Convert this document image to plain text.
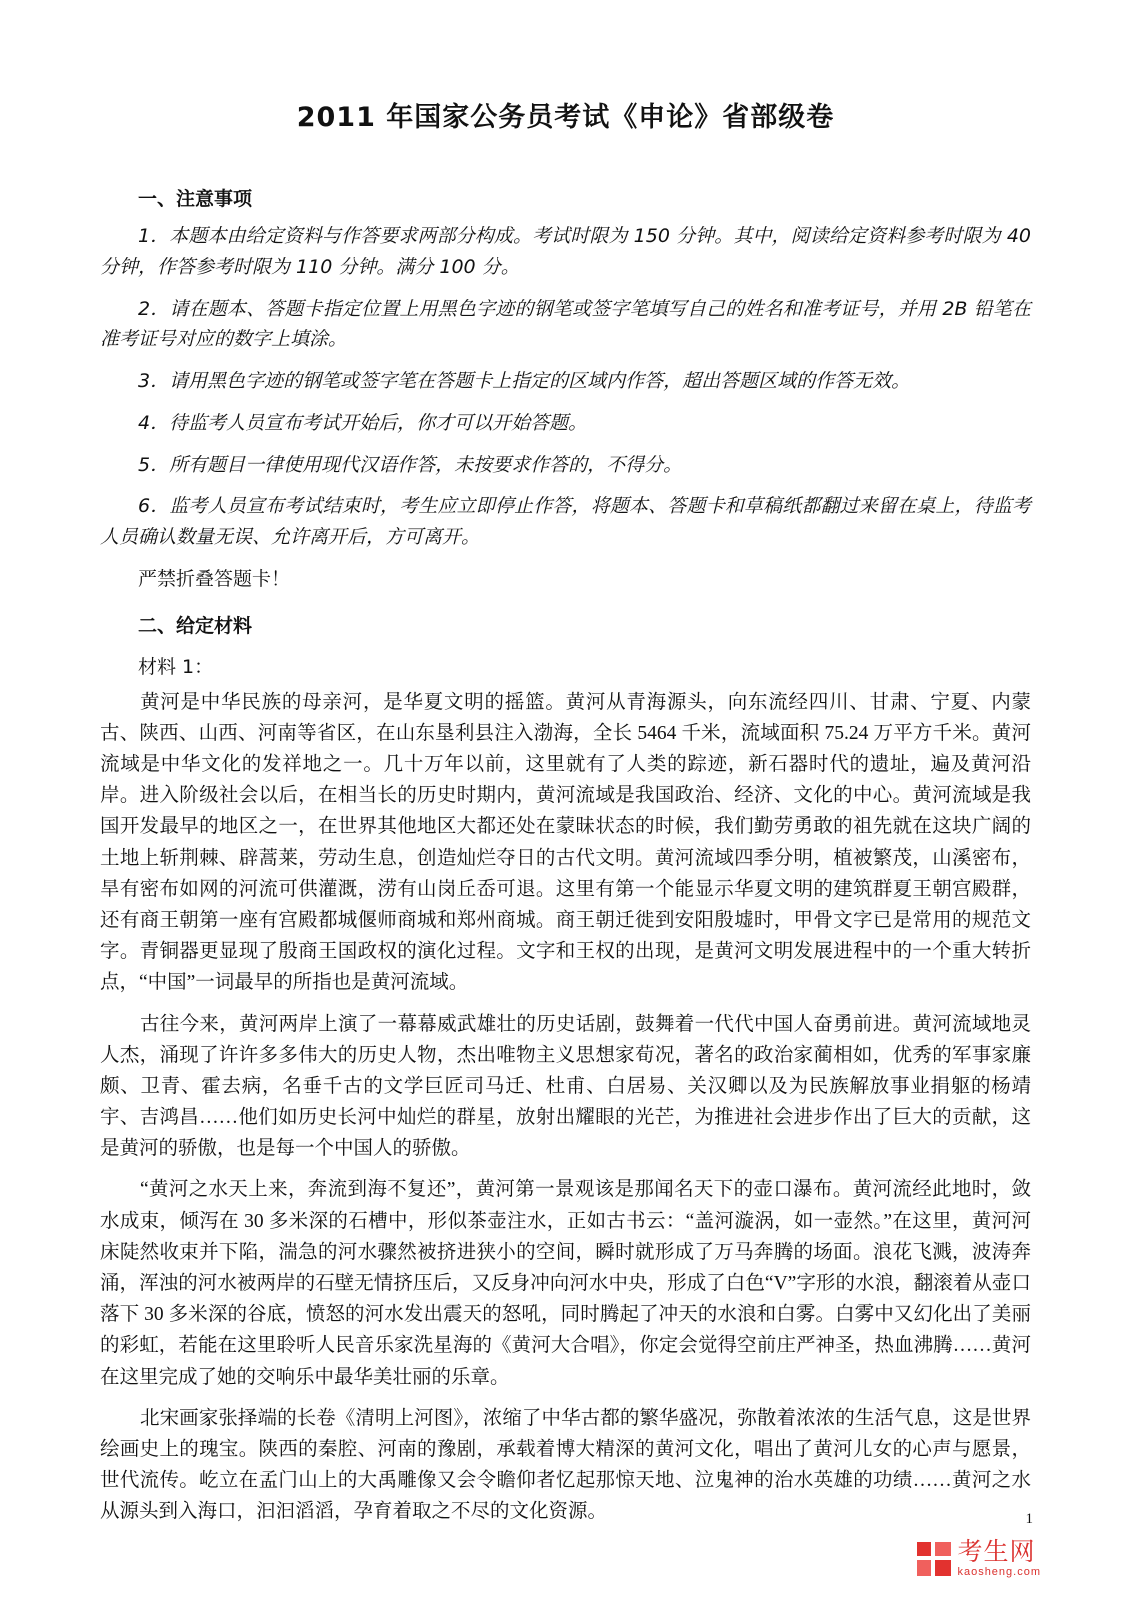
2011 年国家公务员考试《申论》省部级卷
一、注意事项

1．本题本由给定资料与作答要求两部分构成。考试时限为 150 分钟。其中，阅读给定资料参考时限为 40 分钟，作答参考时限为 110 分钟。满分 100 分。

2．请在题本、答题卡指定位置上用黑色字迹的钢笔或签字笔填写自己的姓名和准考证号，并用 2B 铅笔在准考证号对应的数字上填涂。

3．请用黑色字迹的钢笔或签字笔在答题卡上指定的区域内作答，超出答题区域的作答无效。

4．待监考人员宣布考试开始后，你才可以开始答题。

5．所有题目一律使用现代汉语作答，未按要求作答的，不得分。

6．监考人员宣布考试结束时，考生应立即停止作答，将题本、答题卡和草稿纸都翻过来留在桌上，待监考人员确认数量无误、允许离开后，方可离开。

严禁折叠答题卡！

二、给定材料

材料 1：

黄河是中华民族的母亲河，是华夏文明的摇篮。黄河从青海源头，向东流经四川、甘肃、宁夏、内蒙古、陕西、山西、河南等省区，在山东垦利县注入渤海，全长 5464 千米，流域面积 75.24 万平方千米。黄河流域是中华文化的发祥地之一。几十万年以前，这里就有了人类的踪迹，新石器时代的遗址，遍及黄河沿岸。进入阶级社会以后，在相当长的历史时期内，黄河流域是我国政治、经济、文化的中心。黄河流域是我国开发最早的地区之一，在世界其他地区大都还处在蒙昧状态的时候，我们勤劳勇敢的祖先就在这块广阔的土地上斩荆棘、辟蒿莱，劳动生息，创造灿烂夺日的古代文明。黄河流域四季分明，植被繁茂，山溪密布，旱有密布如网的河流可供灌溉，涝有山岗丘岙可退。这里有第一个能显示华夏文明的建筑群夏王朝宫殿群，还有商王朝第一座有宫殿都城偃师商城和郑州商城。商王朝迁徙到安阳殷墟时，甲骨文字已是常用的规范文字。青铜器更显现了殷商王国政权的演化过程。文字和王权的出现，是黄河文明发展进程中的一个重大转折点，“中国”一词最早的所指也是黄河流域。

古往今来，黄河两岸上演了一幕幕威武雄壮的历史话剧，鼓舞着一代代中国人奋勇前进。黄河流域地灵人杰，涌现了许许多多伟大的历史人物，杰出唯物主义思想家荀况，著名的政治家蔺相如，优秀的军事家廉颇、卫青、霍去病，名垂千古的文学巨匠司马迁、杜甫、白居易、关汉卿以及为民族解放事业捐躯的杨靖宇、吉鸿昌……他们如历史长河中灿烂的群星，放射出耀眼的光芒，为推进社会进步作出了巨大的贡献，这是黄河的骄傲，也是每一个中国人的骄傲。

“黄河之水天上来，奔流到海不复还”，黄河第一景观该是那闻名天下的壶口瀑布。黄河流经此地时，敛水成束，倾泻在 30 多米深的石槽中，形似茶壶注水，正如古书云：“盖河漩涡，如一壶然。”在这里，黄河河床陡然收束并下陷，湍急的河水骤然被挤进狭小的空间，瞬时就形成了万马奔腾的场面。浪花飞溅，波涛奔涌，浑浊的河水被两岸的石壁无情挤压后，又反身冲向河水中央，形成了白色“V”字形的水浪，翻滚着从壶口落下 30 多米深的谷底，愤怒的河水发出震天的怒吼，同时腾起了冲天的水浪和白雾。白雾中又幻化出了美丽的彩虹，若能在这里聆听人民音乐家洗星海的《黄河大合唱》，你定会觉得空前庄严神圣，热血沸腾……黄河在这里完成了她的交响乐中最华美壮丽的乐章。

北宋画家张择端的长卷《清明上河图》，浓缩了中华古都的繁华盛况，弥散着浓浓的生活气息，这是世界绘画史上的瑰宝。陕西的秦腔、河南的豫剧，承载着博大精深的黄河文化，唱出了黄河儿女的心声与愿景，世代流传。屹立在孟门山上的大禹雕像又会令瞻仰者忆起那惊天地、泣鬼神的治水英雄的功绩……黄河之水从源头到入海口，汩汩滔滔，孕育着取之不尽的文化资源。	1
考生网
kaosheng.com
